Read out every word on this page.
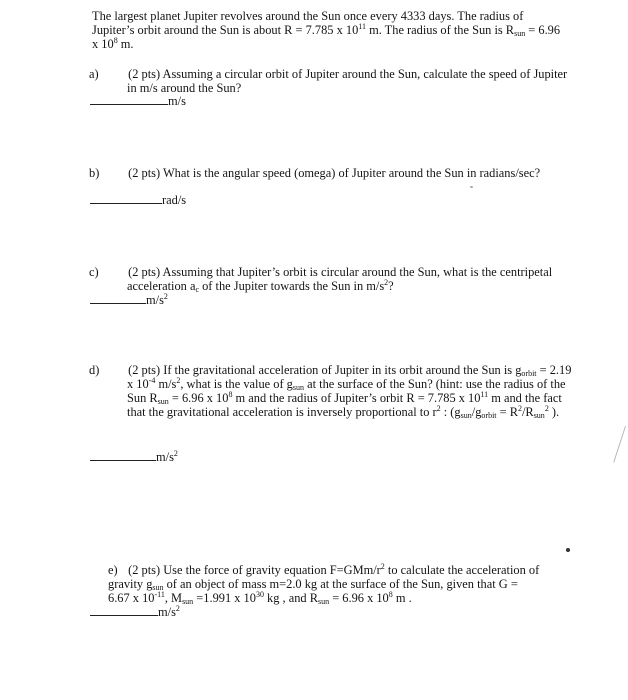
The largest planet Jupiter revolves around the Sun once every 4333 days. The radius of Jupiter’s orbit around the Sun is about R = 7.785 x $10^{11}$ m. The radius of the Sun is $R_{sun} = 6.96$ x $10^8$ m.

a) (2 pts) Assuming a circular orbit of Jupiter around the Sun, calculate the speed of Jupiter in m/s around the Sun?

m/s

b) (2 pts) What is the angular speed (omega) of Jupiter around the Sun in radians/sec?

rad/s

c) (2 pts) Assuming that Jupiter’s orbit is circular around the Sun, what is the centripetal acceleration $a_c$ of the Jupiter towards the Sun in $m/s^2$?

$m/s^2$

d) (2 pts) If the gravitational acceleration of Jupiter in its orbit around the Sun is $g_{orbit} = 2.19$ x $10^{-4}$ $m/s^2$, what is the value of $g_{sun}$ at the surface of the Sun? (hint: use the radius of the Sun $R_{sun} = 6.96$ x $10^8$ m and the radius of Jupiter’s orbit R = 7.785 x $10^{11}$ m and the fact that the gravitational acceleration is inversely proportional to $r^2$ : ($g_{sun}/g_{orbit} = R^2/R_{sun}^2$ ).

$m/s^2$

e) (2 pts) Use the force of gravity equation $F=GMm/r^2$ to calculate the acceleration of gravity $g_{sun}$ of an object of mass m=2.0 kg at the surface of the Sun, given that G = 6.67 x $10^{-11}$, $M_{sun} =1.991$ x $10^{30}$ kg , and $R_{sun} = 6.96$ x $10^8$ m .

$m/s^2$
